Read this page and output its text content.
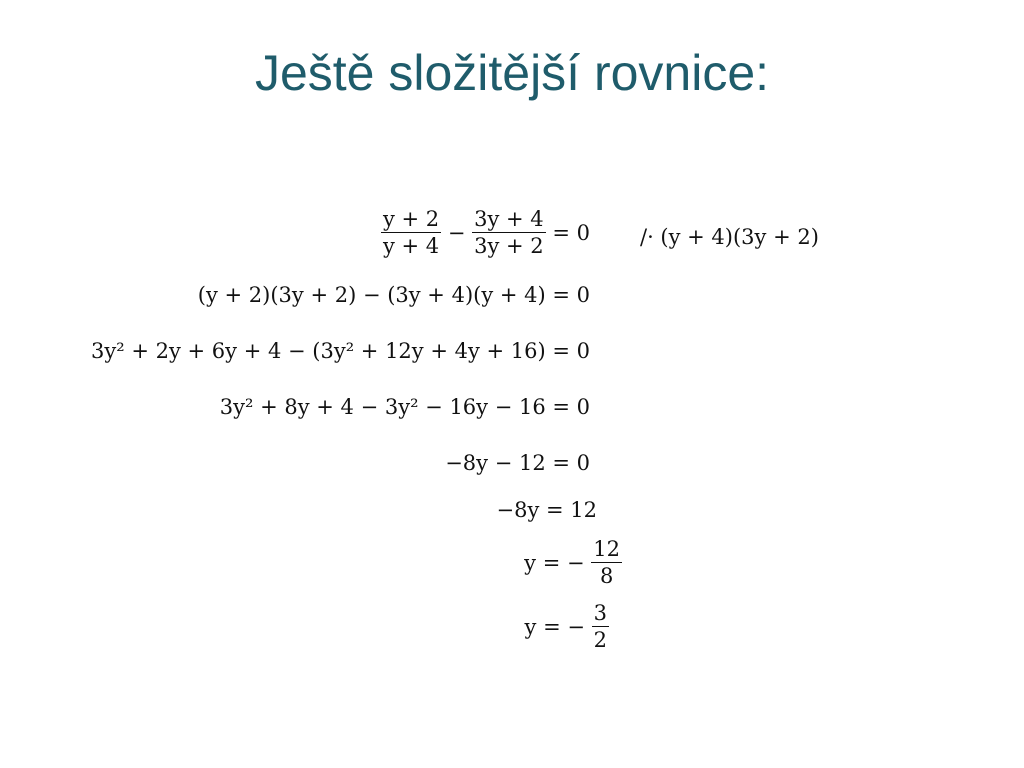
Ještě složitější rovnice:
$\frac{y + 2}{y + 4} - \frac{3y + 4}{3y + 2} = 0 /\cdot (y + 4)(3y + 2)$
(y + 2)(3y + 2) − (3y + 4)(y + 4) = 0
3y² + 2y + 6y + 4 − (3y² + 12y + 4y + 16) = 0
3y² + 8y + 4 − 3y² − 16y − 16 = 0
−8y − 12 = 0
−8y = 12
y = − $\frac{12}{8}$
y = − $\frac{3}{2}$
